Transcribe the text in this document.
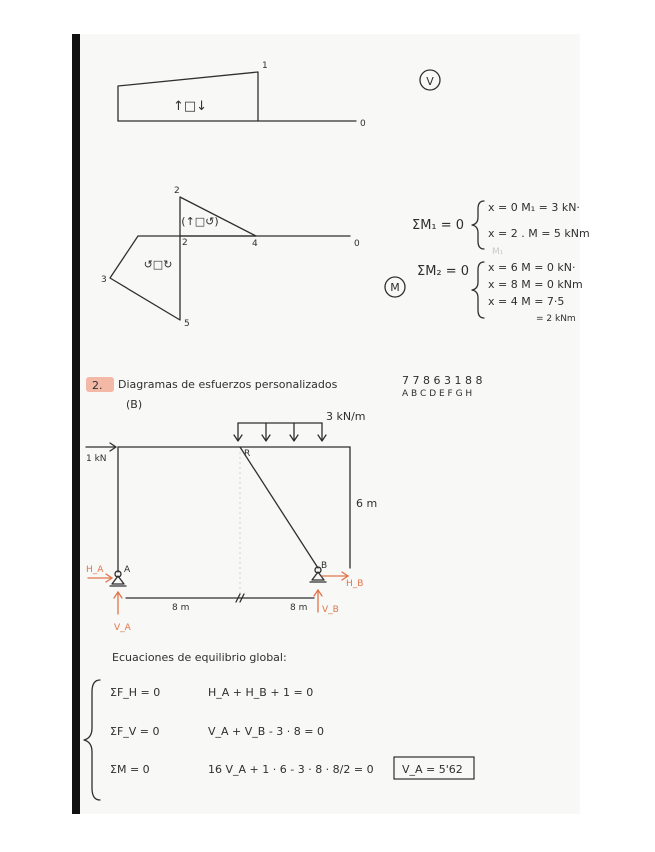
↑□↓
1
0
V
2
2
3
4
5
0
(↑□↺)
↺□↻
M
ΣM₁ = 0
x = 0 M₁ = 3 kN·
x = 2 . M = 5 kNm
M₁
ΣM₂ = 0 x = 6 M = 0 kN·
x = 8 M = 0 kNm
x = 4 M = 7·5
= 2 kNm
2. Diagramas de esfuerzos personalizados
(B)
7 7 8 6 3 1 8 8
A B C D E F G H
3 kN/m
R
6 m
1 kN
A	B
H_A
H_B
V_A
V_B
8 m	8 m
Ecuaciones de equilibrio global:
ΣF_H = 0	H_A + H_B + 1 = 0
ΣF_V = 0	V_A + V_B - 3 · 8 = 0
ΣM = 0	16 V_A + 1 · 6 - 3 · 8 · 8/2 = 0	V_A = 5'62
